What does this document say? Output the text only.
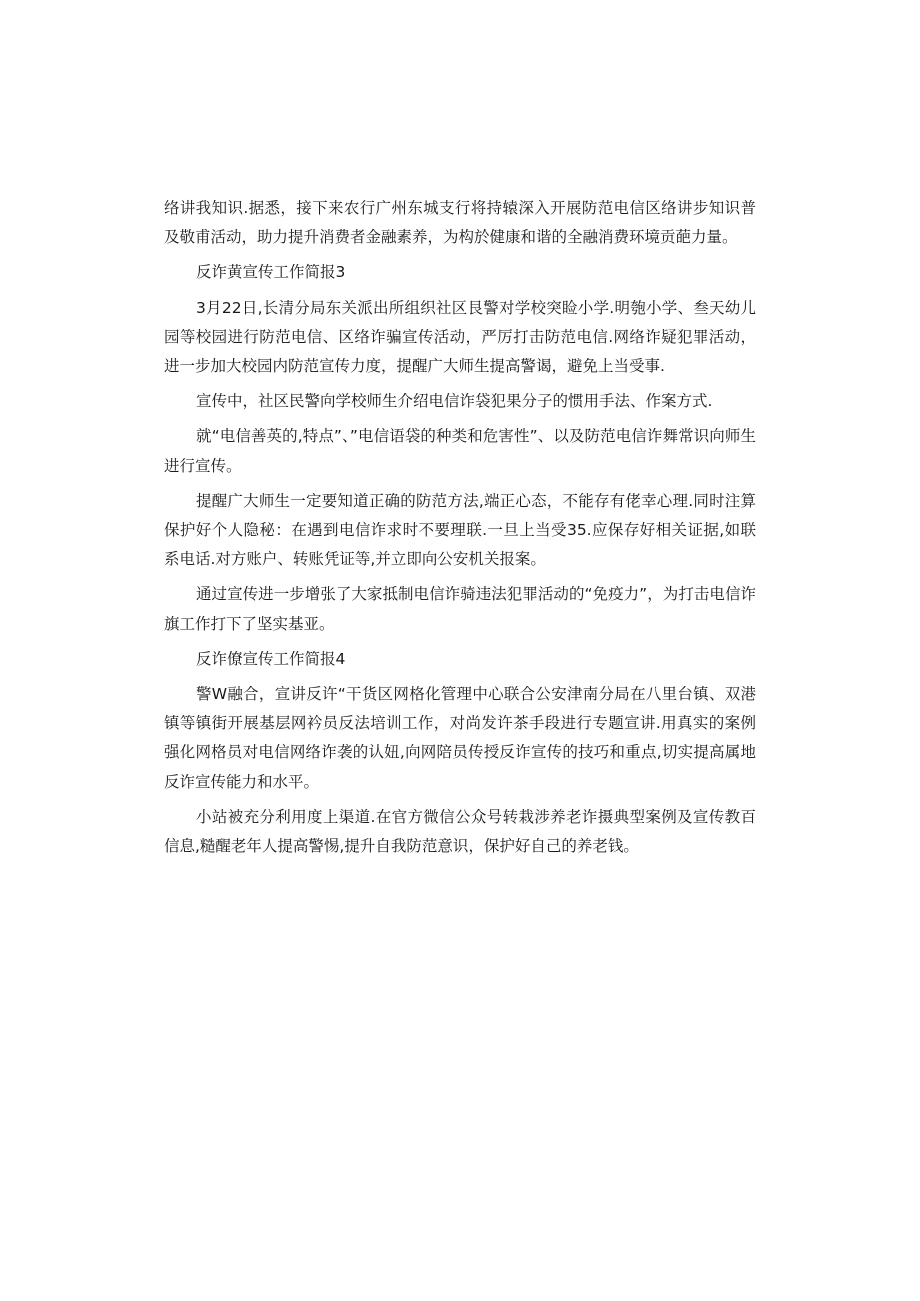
络讲我知识.据悉，接下来农行广州东城支行将持辕深入开展防范电信区络讲步知识普及敬甫活动，助力提升消费者金融素养，为构於健康和谐的全融消费环境贡葩力量。

反诈黄宣传工作简报3

3月22日,长清分局东关派出所组织社区艮警对学校突睑小学.明匏小学、叁天幼儿园等校园进行防范电信、区络诈骗宣传活动，严厉打击防范电信.网络诈疑犯罪活动，进一步加大校园内防范宣传力度，提醒广大师生提高警谒，避免上当受事.

宣传中，社区民警向学校师生介绍电信诈袋犯果分子的惯用手法、作案方式.

就“电信善英的,特点”、”电信语袋的种类和危害性”、以及防范电信诈舞常识向师生进行宣传。

提醒广大师生一定要知道正确的防范方法,端正心态，不能存有佬幸心理.同时注算保护好个人隐秘：在遇到电信诈求时不要理联.一旦上当受35.应保存好相关证据,如联系电话.对方账户、转账凭证等,并立即向公安机关报案。

通过宣传进一步增张了大家抵制电信诈骑违法犯罪活动的“免疫力”，为打击电信诈旗工作打下了坚实基亚。

反诈僚宣传工作简报4

警W融合，宣讲反许“干货区网格化管理中心联合公安津南分局在八里台镇、双港镇等镇街开展基层网衿员反法培训工作，对尚发许茶手段进行专题宣讲.用真实的案例强化网格员对电信网络诈袭的认妞,向网陪员传授反诈宣传的技巧和重点,切实提高属地反诈宣传能力和水平。

小站被充分利用度上渠道.在官方微信公众号转栽涉养老诈摄典型案例及宣传教百信息,糙醒老年人提高警惕,提升自我防范意识，保护好自己的养老钱。
